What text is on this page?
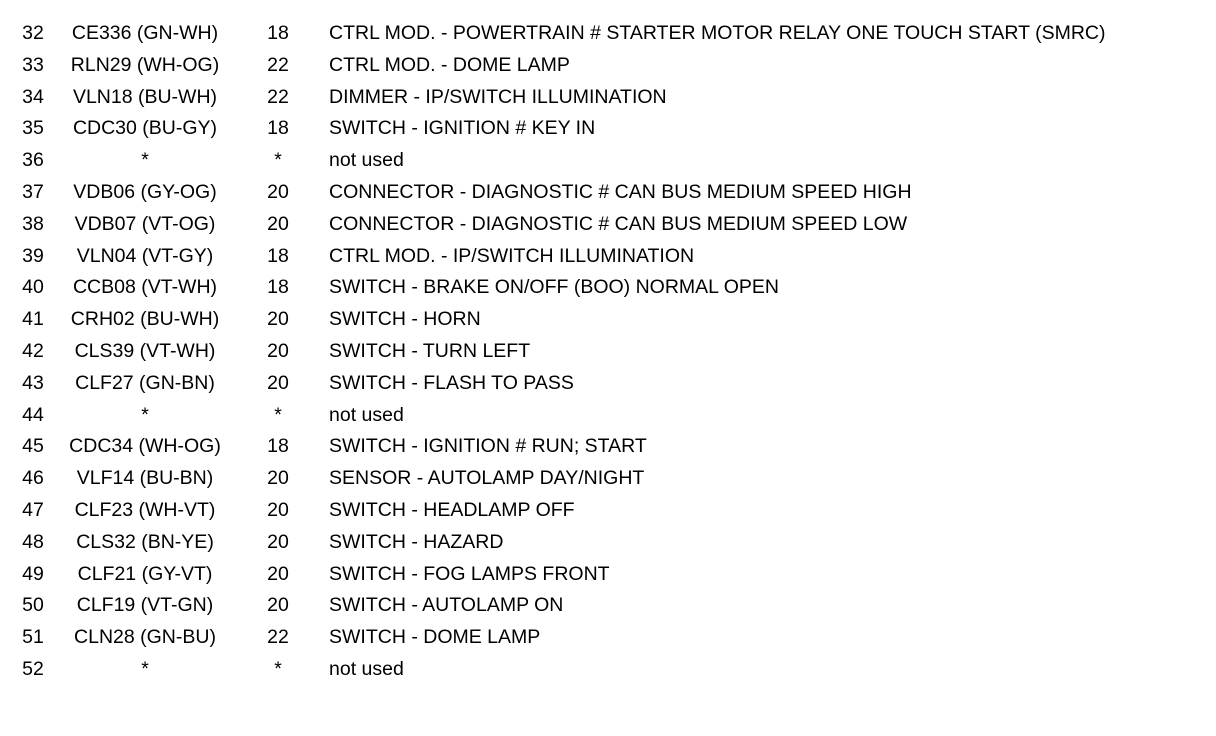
32	CE336 (GN-WH)	18	CTRL MOD. - POWERTRAIN # STARTER MOTOR RELAY ONE TOUCH START (SMRC)
33	RLN29 (WH-OG)	22	CTRL MOD. - DOME LAMP
34	VLN18 (BU-WH)	22	DIMMER - IP/SWITCH ILLUMINATION
35	CDC30 (BU-GY)	18	SWITCH - IGNITION # KEY IN
36	*	*	not used
37	VDB06 (GY-OG)	20	CONNECTOR - DIAGNOSTIC # CAN BUS MEDIUM SPEED HIGH
38	VDB07 (VT-OG)	20	CONNECTOR - DIAGNOSTIC # CAN BUS MEDIUM SPEED LOW
39	VLN04 (VT-GY)	18	CTRL MOD. - IP/SWITCH ILLUMINATION
40	CCB08 (VT-WH)	18	SWITCH - BRAKE ON/OFF (BOO) NORMAL OPEN
41	CRH02 (BU-WH)	20	SWITCH - HORN
42	CLS39 (VT-WH)	20	SWITCH - TURN LEFT
43	CLF27 (GN-BN)	20	SWITCH - FLASH TO PASS
44	*	*	not used
45	CDC34 (WH-OG)	18	SWITCH - IGNITION # RUN; START
46	VLF14 (BU-BN)	20	SENSOR - AUTOLAMP DAY/NIGHT
47	CLF23 (WH-VT)	20	SWITCH - HEADLAMP OFF
48	CLS32 (BN-YE)	20	SWITCH - HAZARD
49	CLF21 (GY-VT)	20	SWITCH - FOG LAMPS FRONT
50	CLF19 (VT-GN)	20	SWITCH - AUTOLAMP ON
51	CLN28 (GN-BU)	22	SWITCH - DOME LAMP
52	*	*	not used
